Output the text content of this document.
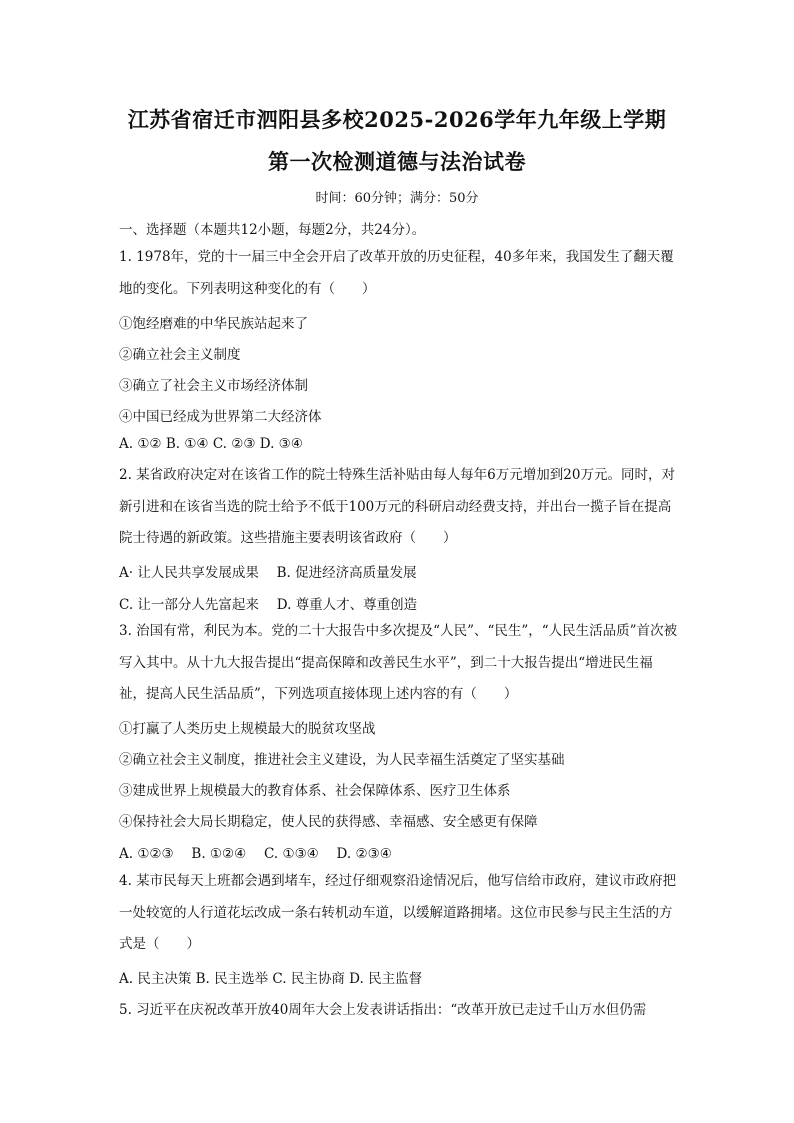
江苏省宿迁市泗阳县多校2025-2026学年九年级上学期
第一次检测道德与法治试卷
时间：60分钟；满分：50分
一、选择题（本题共12小题，每题2分，共24分）。
1. 1978年，党的十一届三中全会开启了改革开放的历史征程，40多年来，我国发生了翻天覆地的变化。下列表明这种变化的有（　　）
①饱经磨难的中华民族站起来了
②确立社会主义制度
③确立了社会主义市场经济体制
④中国已经成为世界第二大经济体
A. ①② B. ①④ C. ②③ D. ③④
2. 某省政府决定对在该省工作的院士特殊生活补贴由每人每年6万元增加到20万元。同时，对新引进和在该省当选的院士给予不低于100万元的科研启动经费支持，并出台一揽子旨在提高院士待遇的新政策。这些措施主要表明该省政府（　　）
A· 让人民共享发展成果　 B. 促进经济高质量发展
C. 让一部分人先富起来　 D. 尊重人才、尊重创造
3. 治国有常，利民为本。党的二十大报告中多次提及“人民”、“民生”，“人民生活品质”首次被写入其中。从十九大报告提出“提高保障和改善民生水平”，到二十大报告提出“增进民生福祉，提高人民生活品质”，下列选项直接体现上述内容的有（　　）
①打赢了人类历史上规模最大的脱贫攻坚战
②确立社会主义制度，推进社会主义建设，为人民幸福生活奠定了坚实基础
③建成世界上规模最大的教育体系、社会保障体系、医疗卫生体系
④保持社会大局长期稳定，使人民的获得感、幸福感、安全感更有保障
A. ①②③　 B. ①②④　 C. ①③④　 D. ②③④
4. 某市民每天上班都会遇到堵车，经过仔细观察沿途情况后，他写信给市政府，建议市政府把一处较宽的人行道花坛改成一条右转机动车道，以缓解道路拥堵。这位市民参与民主生活的方式是（　　）
A. 民主决策 B. 民主选举 C. 民主协商 D. 民主监督
5. 习近平在庆祝改革开放40周年大会上发表讲话指出：“改革开放已走过千山万水但仍需
